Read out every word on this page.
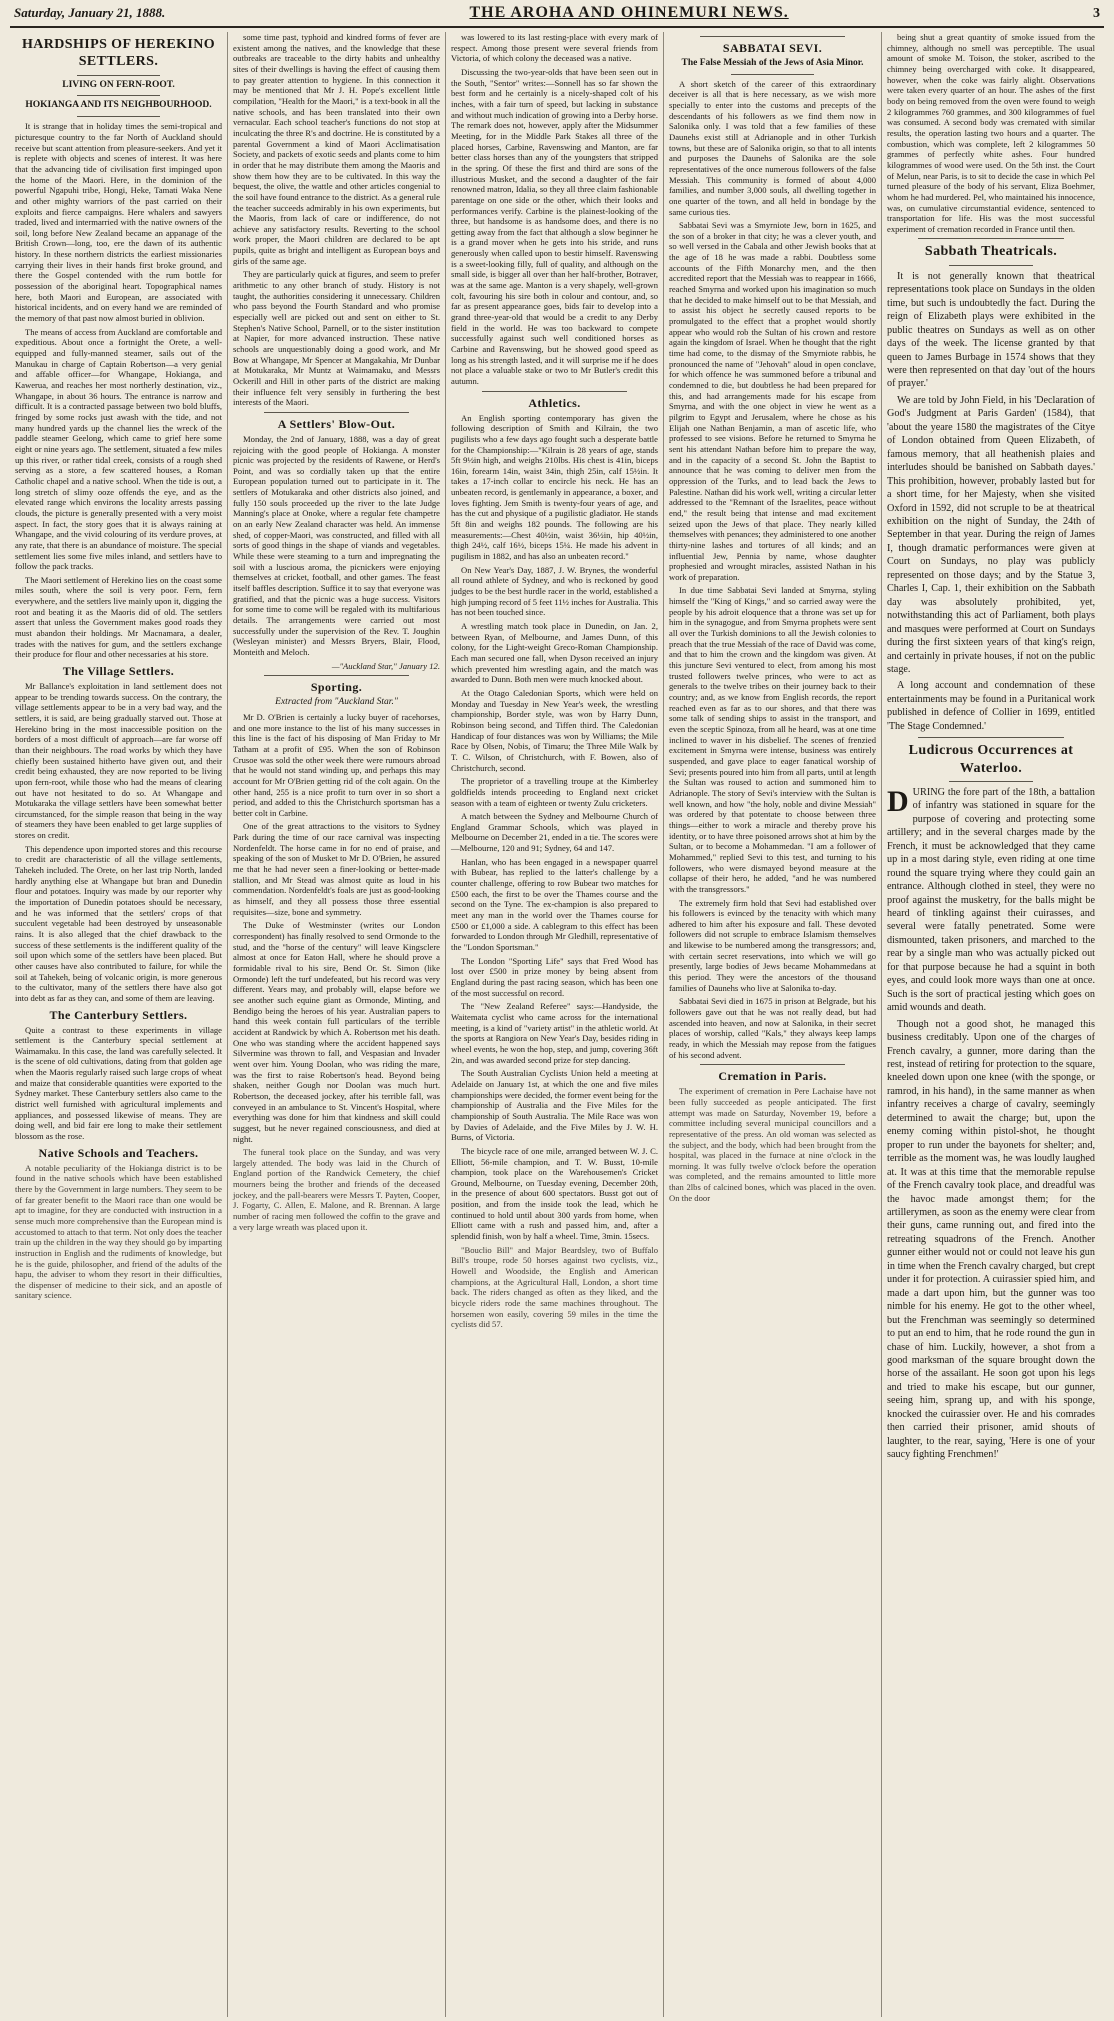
Saturday, January 21, 1888.	THE AROHA AND OHINEMURI NEWS.	3
HARDSHIPS OF HEREKINO SETTLERS.
LIVING ON FERN-ROOT.
HOKIANGA AND ITS NEIGHBOURHOOD.

It is strange that in holiday times the semi-tropical and picturesque country to the far North of Auckland should receive but scant attention from pleasure-seekers. And yet it is replete with objects and scenes of interest. It was here that the advancing tide of civilisation first impinged upon the home of the Maori. Here, in the dominion of the powerful Ngapuhi tribe, Hongi, Heke, Tamati Waka Nene and other mighty warriors of the past carried on their exploits and fierce campaigns. Here whalers and sawyers traded, lived and intermarried with the native owners of the soil, long before New Zealand became an appanage of the British Crown—long, too, ere the dawn of its authentic history. In these northern districts the earliest missionaries carrying their lives in their hands first broke ground, and there the Gospel contended with the rum bottle for possession of the aboriginal heart. Topographical names here, both Maori and European, are associated with historical incidents, and on every hand we are reminded of the memory of that past now almost buried in oblivion.

The means of access from Auckland are comfortable and expeditious. About once a fortnight the Orete, a well-equipped and fully-manned steamer, sails out of the Manukau in charge of Captain Robertson—a very genial and affable officer—for Whangape, Hokianga, and Kawerua, and reaches her most northerly destination, viz., Whangape, in about 36 hours. The entrance is narrow and difficult. It is a contracted passage between two bold bluffs, fringed by some rocks just awash with the tide, and not many hundred yards up the channel lies the wreck of the paddle steamer Geelong, which came to grief here some eight or nine years ago. The settlement, situated a few miles up this river, or rather tidal creek, consists of a rough shed serving as a store, a few scattered houses, a Roman Catholic chapel and a native school. When the tide is out, a long stretch of slimy ooze offends the eye, and as the elevated range which environs the locality arrests passing clouds, the picture is generally presented with a very moist aspect. In fact, the story goes that it is always raining at Whangape, and the vivid colouring of its verdure proves, at any rate, that there is an abundance of moisture. The special settlement lies some five miles inland, and settlers have to follow the pack tracks.

The Maori settlement of Herekino lies on the coast some miles south, where the soil is very poor. Fern, fern everywhere, and the settlers live mainly upon it, digging the root and beating it as the Maoris did of old. The settlers assert that unless the Government makes good roads they must abandon their holdings. Mr Macnamara, a dealer, trades with the natives for gum, and the settlers exchange their produce for flour and other necessaries at his store.

The Village Settlers.

Mr Ballance's exploitation in land settlement does not appear to be trending towards success. On the contrary, the village settlements appear to be in a very bad way, and the settlers, it is said, are being gradually starved out. Those at Herekino bring in the most inaccessible position on the borders of a most difficult of approach—are far worse off than their neighbours. The road works by which they have chiefly been sustained hitherto have given out, and their credit being exhausted, they are now reported to be living upon fern-root, while those who had the means of clearing out have not hesitated to do so. At Whangape and Motukaraka the village settlers have been somewhat better circumstanced, for the simple reason that being in the way of steamers they have been enabled to get large supplies of stores on credit.

This dependence upon imported stores and this recourse to credit are characteristic of all the village settlements, Tahekeh included. The Orete, on her last trip North, landed hardly anything else at Whangape but bran and Dunedin flour and potatoes. Inquiry was made by our reporter why the importation of Dunedin potatoes should be necessary, and he was informed that the settlers' crops of that succulent vegetable had been destroyed by unseasonable rains. It is also alleged that the chief drawback to the success of these settlements is the indifferent quality of the soil upon which some of the settlers have been placed. But other causes have also contributed to failure, for while the soil at Tahekeh, being of volcanic origin, is more generous to the cultivator, many of the settlers there have also got into debt as far as they can, and some of them are leaving.

The Canterbury Settlers.

Quite a contrast to these experiments in village settlement is the Canterbury special settlement at Waimamaku. In this case, the land was carefully selected. It is the scene of old cultivations, dating from that golden age when the Maoris regularly raised such large crops of wheat and maize that considerable quantities were exported to the Sydney market. These Canterbury settlers also came to the district well furnished with agricultural implements and appliances, and possessed likewise of means. They are doing well, and bid fair ere long to make their settlement blossom as the rose.

Native Schools and Teachers.

A notable peculiarity of the Hokianga district is to be found in the native schools which have been established there by the Government in large numbers. They seem to be of far greater benefit to the Maori race than one would be apt to imagine, for they are conducted with instruction in a sense much more comprehensive than the European mind is accustomed to attach to that term. Not only does the teacher train up the children in the way they should go by imparting instruction in English and the rudiments of knowledge, but he is the guide, philosopher, and friend of the adults of the hapu, the adviser to whom they resort in their difficulties, the dispenser of medicine to their sick, and an apostle of sanitary science.

some time past, typhoid and kindred forms of fever are existent among the natives, and the knowledge that these outbreaks are traceable to the dirty habits and unhealthy sites of their dwellings is having the effect of causing them to pay greater attention to hygiene. In this connection it may be mentioned that Mr J. H. Pope's excellent little compilation, "Health for the Maori," is a text-book in all the native schools, and has been translated into their own vernacular. Each school teacher's functions do not stop at inculcating the three R's and doctrine. He is constituted by a parental Government a kind of Maori Acclimatisation Society, and packets of exotic seeds and plants come to him in order that he may distribute them among the Maoris and show them how they are to be cultivated. In this way the bequest, the olive, the wattle and other articles congenial to the soil have found entrance to the district. As a general rule the teacher succeeds admirably in his own experiments, but the Maoris, from lack of care or indifference, do not achieve any satisfactory results. Reverting to the school work proper, the Maori children are declared to be apt pupils, quite as bright and intelligent as European boys and girls of the same age.

They are particularly quick at figures, and seem to prefer arithmetic to any other branch of study. History is not taught, the authorities considering it unnecessary. Children who pass beyond the Fourth Standard and who promise especially well are picked out and sent on either to St. Stephen's Native School, Parnell, or to the sister institution at Napier, for more advanced instruction. These native schools are unquestionably doing a good work, and Mr Bow at Whangape, Mr Spencer at Mangakahia, Mr Dunbar at Motukaraka, Mr Muntz at Waimamaku, and Messrs Ockerill and Hill in other parts of the district are making their influence felt very sensibly in furthering the best interests of the Maori.

A Settlers' Blow-Out.

Monday, the 2nd of January, 1888, was a day of great rejoicing with the good people of Hokianga. A monster picnic was projected by the residents of Rawene, or Herd's Point, and was so cordially taken up that the entire European population turned out to participate in it. The settlers of Motukaraka and other districts also joined, and fully 150 souls proceeded up the river to the late Judge Manning's place at Onoke, where a regular fete champetre on an early New Zealand character was held. An immense shed, of copper-Maori, was constructed, and filled with all sorts of good things in the shape of viands and vegetables. While these were steaming to a turn and impregnating the soil with a luscious aroma, the picnickers were enjoying themselves at cricket, football, and other games. The feast itself baffles description. Suffice it to say that everyone was gratified, and that the picnic was a huge success. Visitors for some time to come will be regaled with its multifarious details. The arrangements were carried out most successfully under the supervision of the Rev. T. Joughin (Wesleyan minister) and Messrs Bryers, Blair, Flood, Monteith and Meloch.

—"Auckland Star," January 12.
Sporting.
Extracted from "Auckland Star."

Mr D. O'Brien is certainly a lucky buyer of racehorses, and one more instance to the list of his many successes in this line is the fact of his disposing of Man Friday to Mr Tatham at a profit of £95. When the son of Robinson Crusoe was sold the other week there were rumours abroad that he would not stand winding up, and perhaps this may account for Mr O'Brien getting rid of the colt again. On the other hand, 255 is a nice profit to turn over in so short a period, and added to this the Christchurch sportsman has a better colt in Carbine.

One of the great attractions to the visitors to Sydney Park during the time of our race carnival was inspecting Nordenfeldt. The horse came in for no end of praise, and speaking of the son of Musket to Mr D. O'Brien, he assured me that he had never seen a finer-looking or better-made stallion, and Mr Stead was almost quite as loud in his commendation. Nordenfeldt's foals are just as good-looking as himself, and they all possess those three essential requisites—size, bone and symmetry.

The Duke of Westminster (writes our London correspondent) has finally resolved to send Ormonde to the stud, and the "horse of the century" will leave Kingsclere almost at once for Eaton Hall, where he should prove a formidable rival to his sire, Bend Or. St. Simon (like Ormonde) left the turf undefeated, but his record was very different. Years may, and probably will, elapse before we see another such equine giant as Ormonde, Minting, and Bendigo being the heroes of his year. Australian papers to hand this week contain full particulars of the terrible accident at Randwick by which A. Robertson met his death. One who was standing where the accident happened says Silvermine was thrown to fall, and Vespasian and Invader went over him. Young Doolan, who was riding the mare, was the first to raise Robertson's head. Beyond being shaken, neither Gough nor Doolan was much hurt. Robertson, the deceased jockey, after his terrible fall, was conveyed in an ambulance to St. Vincent's Hospital, where everything was done for him that kindness and skill could suggest, but he never regained consciousness, and died at night.

The funeral took place on the Sunday, and was very largely attended. The body was laid in the Church of England portion of the Randwick Cemetery, the chief mourners being the brother and friends of the deceased jockey, and the pall-bearers were Messrs T. Payten, Cooper, J. Fogarty, C. Allen, E. Malone, and R. Brennan. A large number of racing men followed the coffin to the grave and a very large wreath was placed upon it.

was lowered to its last resting-place with every mark of respect. Among those present were several friends from Victoria, of which colony the deceased was a native.

Discussing the two-year-olds that have been seen out in the South, "Sentor" writes:—Sonnell has so far shown the best form and he certainly is a nicely-shaped colt of his inches, with a fair turn of speed, but lacking in substance and without much indication of growing into a Derby horse. The remark does not, however, apply after the Midsummer Meeting, for in the Middle Park Stakes all three of the placed horses, Carbine, Ravenswing and Manton, are far better class horses than any of the youngsters that stripped in the spring. Of these the first and third are sons of the illustrious Musket, and the second a daughter of the fair renowned matron, Idalia, so they all three claim fashionable parentage on one side or the other, which their looks and performances verify. Carbine is the plainest-looking of the three, but handsome is as handsome does, and there is no getting away from the fact that although a slow beginner he is a grand mover when he gets into his stride, and runs generously when called upon to bestir himself. Ravenswing is a sweet-looking filly, full of quality, and although on the small side, is bigger all over than her half-brother, Botraver, was at the same age. Manton is a very shapely, well-grown colt, favouring his sire both in colour and contour, and, so far as present appearance goes, bids fair to develop into a grand three-year-old that would be a credit to any Derby field in the world. He was too backward to compete successfully against such well conditioned horses as Carbine and Ravenswing, but he showed good speed as long as his strength lasted, and it will surprise me if he does not place a valuable stake or two to Mr Butler's credit this autumn.

Athletics.

An English sporting contemporary has given the following description of Smith and Kilrain, the two pugilists who a few days ago fought such a desperate battle for the Championship:—"Kilrain is 28 years of age, stands 5ft 9½in high, and weighs 210lbs. His chest is 41in, biceps 16in, forearm 14in, waist 34in, thigh 25in, calf 15½in. It takes a 17-inch collar to encircle his neck. He has an unbeaten record, is gentlemanly in appearance, a boxer, and loves fighting. Jem Smith is twenty-four years of age, and has the cut and physique of a pugilistic gladiator. He stands 5ft 8in and weighs 182 pounds. The following are his measurements:—Chest 40½in, waist 36½in, hip 40½in, thigh 24½, calf 16½, biceps 15¼. He made his advent in pugilism in 1882, and has also an unbeaten record."

On New Year's Day, 1887, J. W. Brynes, the wonderful all round athlete of Sydney, and who is reckoned by good judges to be the best hurdle racer in the world, established a high jumping record of 5 feet 11½ inches for Australia. This has not been touched since.

A wrestling match took place in Dunedin, on Jan. 2, between Ryan, of Melbourne, and James Dunn, of this colony, for the Light-weight Greco-Roman Championship. Each man secured one fall, when Dyson received an injury which prevented him wrestling again, and the match was awarded to Dunn. Both men were much knocked about.

At the Otago Caledonian Sports, which were held on Monday and Tuesday in New Year's week, the wrestling championship, Border style, was won by Harry Dunn, Robinson being second, and Tiffen third. The Caledonian Handicap of four distances was won by Williams; the Mile Race by Olsen, Nobis, of Timaru; the Three Mile Walk by T. C. Wilson, of Christchurch, with F. Bowen, also of Christchurch, second.

The proprietor of a travelling troupe at the Kimberley goldfields intends proceeding to England next cricket season with a team of eighteen or twenty Zulu cricketers.

A match between the Sydney and Melbourne Church of England Grammar Schools, which was played in Melbourne on December 21, ended in a tie. The scores were—Melbourne, 120 and 91; Sydney, 64 and 147.

Hanlan, who has been engaged in a newspaper quarrel with Bubear, has replied to the latter's challenge by a counter challenge, offering to row Bubear two matches for £500 each, the first to be over the Thames course and the second on the Tyne. The ex-champion is also prepared to meet any man in the world over the Thames course for £500 or £1,000 a side. A cablegram to this effect has been forwarded to London through Mr Gledhill, representative of the "London Sportsman."

The London "Sporting Life" says that Fred Wood has lost over £500 in prize money by being absent from England during the past racing season, which has been one of the most successful on record.

The "New Zealand Referee" says:—Handyside, the Waitemata cyclist who came across for the international meeting, is a kind of "variety artist" in the athletic world. At the sports at Rangiora on New Year's Day, besides riding in wheel events, he won the hop, step, and jump, covering 36ft 2in, and was awarded second prize for step dancing.

The South Australian Cyclists Union held a meeting at Adelaide on January 1st, at which the one and five miles championships were decided, the former event being for the championship of Australia and the Five Miles for the championship of South Australia. The Mile Race was won by Davies of Adelaide, and the Five Miles by J. W. H. Burns, of Victoria.

The bicycle race of one mile, arranged between W. J. C. Elliott, 56-mile champion, and T. W. Busst, 10-mile champion, took place on the Warehousemen's Cricket Ground, Melbourne, on Tuesday evening, December 20th, in the presence of about 600 spectators. Busst got out of position, and from the inside took the lead, which he continued to hold until about 300 yards from home, when Elliott came with a rush and passed him, and, after a splendid finish, won by half a wheel. Time, 3min. 15secs.

"Bouclio Bill" and Major Beardsley, two of Buffalo Bill's troupe, rode 50 horses against two cyclists, viz., Howell and Woodside, the English and American champions, at the Agricultural Hall, London, a short time back. The riders changed as often as they liked, and the bicycle riders rode the same machines throughout. The horsemen won easily, covering 59 miles in the time the cyclists did 57.

SABBATAI SEVI.
The False Messiah of the Jews of Asia Minor.

A short sketch of the career of this extraordinary deceiver is all that is here necessary, as we wish more specially to enter into the customs and precepts of the descendants of his followers as we find them now in Salonika only. I was told that a few families of these Daunehs exist still at Adrianople and in other Turkish towns, but these are of Salonika origin, so that to all intents and purposes the Daunehs of Salonika are the sole representatives of the once numerous followers of the false Messiah. This community is formed of about 4,000 families, and number 3,000 souls, all dwelling together in one quarter of the town, and all held in bondage by the same curious ties.

Sabbatai Sevi was a Smyrniote Jew, born in 1625, and the son of a broker in that city; he was a clever youth, and so well versed in the Cabala and other Jewish books that at the age of 18 he was made a rabbi. Doubtless some accounts of the Fifth Monarchy men, and the then accredited report that the Messiah was to reappear in 1666, reached Smyrna and worked upon his imagination so much that he decided to make himself out to be that Messiah, and to assist his object he secretly caused reports to be promulgated to the effect that a prophet would shortly appear who would rob the Sultan of his crown and restore again the kingdom of Israel. When he thought that the right time had come, to the dismay of the Smyrniote rabbis, he pronounced the name of "Jehovah" aloud in open conclave, for which offence he was summoned before a tribunal and condemned to die, but doubtless he had been prepared for this, and had arrangements made for his escape from Smyrna, and with the one object in view he went as a pilgrim to Egypt and Jerusalem, where he chose as his Elijah one Nathan Benjamin, a man of ascetic life, who professed to see visions. Before he returned to Smyrna he sent his attendant Nathan before him to prepare the way, and in the capacity of a second St. John the Baptist to announce that he was coming to deliver men from the oppression of the Turks, and to lead back the Jews to Palestine. Nathan did his work well, writing a circular letter addressed to the "Remnant of the Israelites, peace without end," the result being that intense and mad excitement seized upon the Jews of that place. They nearly killed themselves with penances; they administered to one another thirty-nine lashes and tortures of all kinds; and an influential Jew, Pennia by name, whose daughter prophesied and wrought miracles, assisted Nathan in his work of preparation.

In due time Sabbatai Sevi landed at Smyrna, styling himself the "King of Kings," and so carried away were the people by his adroit eloquence that a throne was set up for him in the synagogue, and from Smyrna prophets were sent all over the Turkish dominions to all the Jewish colonies to preach that the true Messiah of the race of David was come, and that to him the crown and the kingdom was given. At this juncture Sevi ventured to elect, from among his most trusted followers twelve princes, who were to act as generals to the twelve tribes on their journey back to their country; and, as we know from English records, the report reached even as far as to our shores, and that there was some talk of sending ships to assist in the transport, and even the sceptic Spinoza, from all he heard, was at one time inclined to waver in his disbelief. The scenes of frenzied excitement in Smyrna were intense, business was entirely suspended, and gave place to eager fanatical worship of Sevi; presents poured into him from all parts, until at length the Sultan was roused to action and summoned him to Adrianople. The story of Sevi's interview with the Sultan is well known, and how "the holy, noble and divine Messiah" was ordered by that potentate to choose between three things—either to work a miracle and thereby prove his identity, or to have three poisoned arrows shot at him by the Sultan, or to become a Mohammedan. "I am a follower of Mohammed," replied Sevi to this test, and turning to his followers, who were dismayed beyond measure at the collapse of their hero, he added, "and he was numbered with the transgressors."

The extremely firm hold that Sevi had established over his followers is evinced by the tenacity with which many adhered to him after his exposure and fall. These devoted followers did not scruple to embrace Islamism themselves and likewise to be numbered among the transgressors; and, with certain secret reservations, into which we will go presently, large bodies of Jews became Mohammedans at this period. They were the ancestors of the thousand families of Daunehs who live at Salonika to-day.

Sabbatai Sevi died in 1675 in prison at Belgrade, but his followers gave out that he was not really dead, but had ascended into heaven, and now at Salonika, in their secret places of worship, called "Kals," they always keep lamps ready, in which the Messiah may repose from the fatigues of his second advent.

Cremation in Paris.

The experiment of cremation in Pere Lachaise have not been fully succeeded as people anticipated. The first attempt was made on Saturday, November 19, before a committee including several municipal councillors and a representative of the press. An old woman was selected as the subject, and the body, which had been brought from the hospital, was placed in the furnace at nine o'clock in the morning. It was fully twelve o'clock before the operation was completed, and the remains amounted to little more than 2lbs of calcined bones, which was placed in the oven. On the door

being shut a great quantity of smoke issued from the chimney, although no smell was perceptible. The usual amount of smoke M. Toison, the stoker, ascribed to the chimney being overcharged with coke. It disappeared, however, when the coke was fairly alight. Observations were taken every quarter of an hour. The ashes of the first body on being removed from the oven were found to weigh 2 kilogrammes 760 grammes, and 300 kilogrammes of fuel was consumed. A second body was cremated with similar results, the operation lasting two hours and a quarter. The combustion, which was complete, left 2 kilogrammes 50 grammes of perfectly white ashes. Four hundred kilogrammes of wood were used. On the 5th inst. the Court of Melun, near Paris, is to sit to decide the case in which Pel turned pleasure of the body of his servant, Eliza Boehmer, whom he had murdered. Pel, who maintained his innocence, was, on cumulative circumstantial evidence, sentenced to transportation for life. His was the most successful experiment of cremation recorded in France until then.

Sabbath Theatricals.

It is not generally known that theatrical representations took place on Sundays in the olden time, but such is undoubtedly the fact. During the reign of Elizabeth plays were exhibited in the public theatres on Sundays as well as on other days of the week. The license granted by that queen to James Burbage in 1574 shows that they were then represented on that day 'out of the hours of prayer.'

We are told by John Field, in his 'Declaration of God's Judgment at Paris Garden' (1584), that 'about the yeare 1580 the magistrates of the Citye of London obtained from Queen Elizabeth, of famous memory, that all heathenish plaies and interludes should be banished on Sabbath dayes.' This prohibition, however, probably lasted but for a short time, for her Majesty, when she visited Oxford in 1592, did not scruple to be at theatrical exhibition on the night of Sunday, the 24th of September in that year. During the reign of James I, though dramatic performances were given at Court on Sundays, no play was publicly represented on those days; and by the Statue 3, Charles I, Cap. 1, their exhibition on the Sabbath day was absolutely prohibited, yet, notwithstanding this act of Parliament, both plays and masques were performed at Court on Sundays during the first sixteen years of that king's reign, and certainly in private houses, if not on the public stage.

A long account and condemnation of these entertainments may be found in a Puritanical work published in defence of Collier in 1699, entitled 'The Stage Condemned.'

Ludicrous Occurrences at Waterloo.

DURING the fore part of the 18th, a battalion of infantry was stationed in square for the purpose of covering and protecting some artillery; and in the several charges made by the French, it must be acknowledged that they came up in a most daring style, even riding at one time round the square trying where they could gain an entrance. Although clothed in steel, they were no proof against the musketry, for the balls might be heard of tinkling against their cuirasses, and several were fatally penetrated. Some were dismounted, taken prisoners, and marched to the rear by a single man who was actually picked out for that purpose because he had a squint in both eyes, and could look more ways than one at once. Such is the sort of practical jesting which goes on amid wounds and death.

Though not a good shot, he managed this business creditably. Upon one of the charges of French cavalry, a gunner, more daring than the rest, instead of retiring for protection to the square, kneeled down upon one knee (with the sponge, or ramrod, in his hand), in the same manner as when infantry receives a charge of cavalry, seemingly determined to await the charge; but, upon the enemy coming within pistol-shot, he thought proper to run under the bayonets for shelter; and, terrible as the moment was, he was loudly laughed at. It was at this time that the memorable repulse of the French cavalry took place, and dreadful was the havoc made amongst them; for the artillerymen, as soon as the enemy were clear from their guns, came running out, and fired into the retreating squadrons of the French. Another gunner either would not or could not leave his gun in time when the French cavalry charged, but crept under it for protection. A cuirassier spied him, and made a dart upon him, but the gunner was too nimble for his enemy. He got to the other wheel, but the Frenchman was seemingly so determined to put an end to him, that he rode round the gun in chase of him. Luckily, however, a shot from a good marksman of the square brought down the horse of the assailant. He soon got upon his legs and tried to make his escape, but our gunner, seeing him, sprang up, and with his sponge, knocked the cuirassier over. He and his comrades then carried their prisoner, amid shouts of laughter, to the rear, saying, 'Here is one of your saucy fighting Frenchmen!'
